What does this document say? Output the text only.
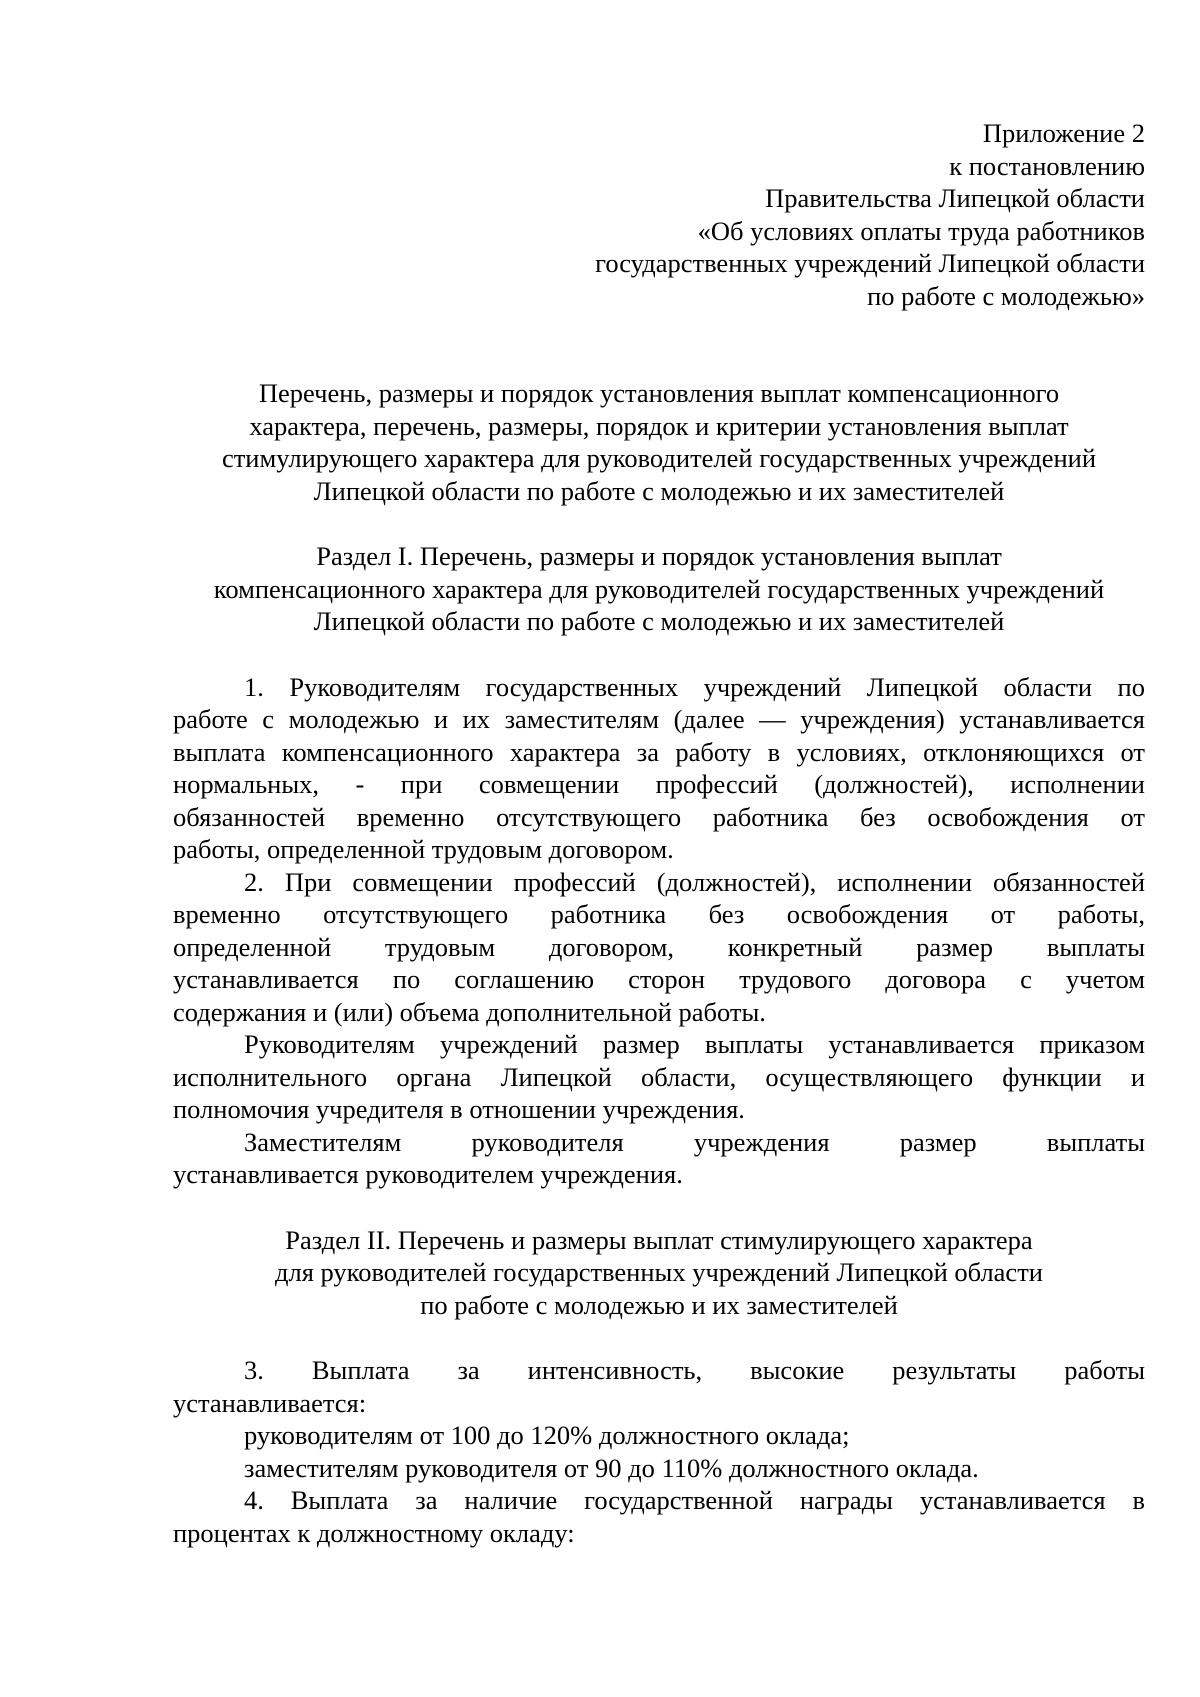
Приложение 2
к постановлению
Правительства Липецкой области
«Об условиях оплаты труда работников
государственных учреждений Липецкой области
по работе с молодежью»
Перечень, размеры и порядок установления выплат компенсационного
характера, перечень, размеры, порядок и критерии установления выплат
стимулирующего характера для руководителей государственных учреждений
Липецкой области по работе с молодежью и их заместителей
Раздел I. Перечень, размеры и порядок установления выплат
компенсационного характера для руководителей государственных учреждений
Липецкой области по работе с молодежью и их заместителей
1. Руководителям государственных учреждений Липецкой области по
работе с молодежью и их заместителям (далее — учреждения) устанавливается
выплата компенсационного характера за работу в условиях, отклоняющихся от
нормальных, - при совмещении профессий (должностей), исполнении
обязанностей временно отсутствующего работника без освобождения от
работы, определенной трудовым договором.
2. При совмещении профессий (должностей), исполнении обязанностей
временно отсутствующего работника без освобождения от работы,
определенной трудовым договором, конкретный размер выплаты
устанавливается по соглашению сторон трудового договора с учетом
содержания и (или) объема дополнительной работы.
Руководителям учреждений размер выплаты устанавливается приказом
исполнительного органа Липецкой области, осуществляющего функции и
полномочия учредителя в отношении учреждения.
Заместителям руководителя учреждения размер выплаты
устанавливается руководителем учреждения.
Раздел II. Перечень и размеры выплат стимулирующего характера
для руководителей государственных учреждений Липецкой области
по работе с молодежью и их заместителей
3. Выплата за интенсивность, высокие результаты работы
устанавливается:
руководителям от 100 до 120% должностного оклада;
заместителям руководителя от 90 до 110% должностного оклада.
4. Выплата за наличие государственной награды устанавливается в
процентах к должностному окладу:
